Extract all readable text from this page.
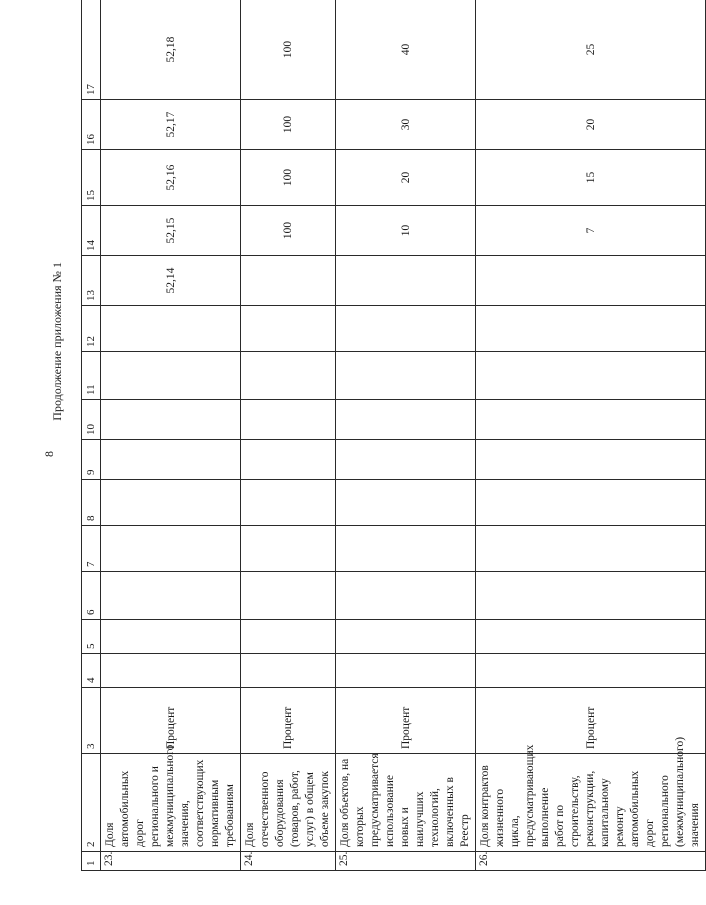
8
Продолжение приложения № 1
1	2	3	4	5	6	7	8	9	10	11	12	13	14	15	16	17
23.	Доля автомобильных дорог регионального и межмуниципального значения, соответствующих нормативным требованиям	Процент										52,14	52,15	52,16	52,17	52,18
24.	Доля отечественного оборудования (товаров, работ, услуг) в общем объеме закупок	Процент											100	100	100	100
25.	Доля объектов, на которых предусматривается использование новых и наилучших технологий, включенных в Реестр	Процент											10	20	30	40
26.	Доля контрактов жизненного цикла, предусматривающих выполнение работ по строительству, реконструкции, капитальному ремонту автомобильных дорог регионального (межмуниципального) значения	Процент											7	15	20	25
